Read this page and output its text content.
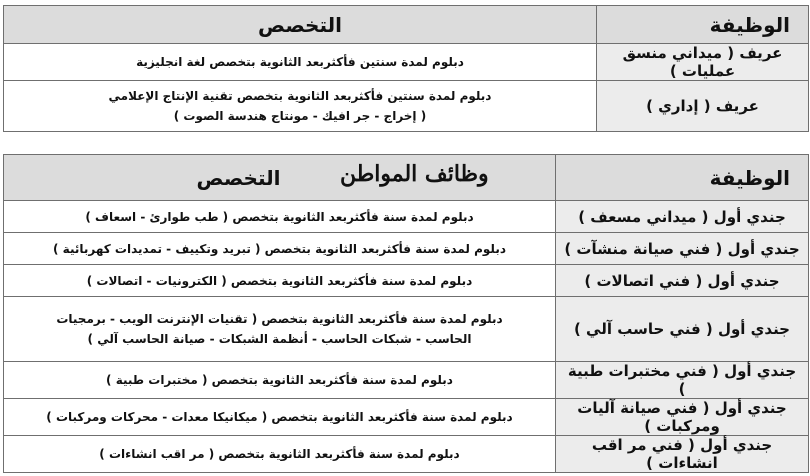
الوظيفة	التخصص
عريف ( ميداني منسق عمليات )	دبلوم لمدة سنتين فأكثربعد الثانوية بتخصص لغة انجليزية

عريف ( إداري )	دبلوم لمدة سنتين فأكثربعد الثانوية بتخصص تقنية الإنتاج الإعلامي
( إخراج - جر افيك - مونتاج هندسة الصوت )
الوظيفة	التخصص
جندي أول ( ميداني مسعف )	دبلوم لمدة سنة فأكثربعد الثانوية بتخصص ( طب طوارئ - اسعاف )

جندي أول ( فني صيانة منشآت )	دبلوم لمدة سنة فأكثربعد الثانوية بتخصص ( تبريد وتكييف - تمديدات كهربائية )

جندي أول ( فني اتصالات )	دبلوم لمدة سنة فأكثربعد الثانوية بتخصص ( الكترونيات - اتصالات )

جندي أول ( فني حاسب آلي )	دبلوم لمدة سنة فأكثربعد الثانوية بتخصص ( تقنيات الإنترنت الويب - برمجيات
الحاسب - شبكات الحاسب - أنظمة الشبكات - صيانة الحاسب آلي )

جندي أول ( فني مختبرات طبية )	دبلوم لمدة سنة فأكثربعد الثانوية بتخصص ( مختبرات طبية )

جندي أول ( فني صيانة آليات ومركبات )	دبلوم لمدة سنة فأكثربعد الثانوية بتخصص ( ميكانيكا معدات - محركات ومركبات )

جندي أول ( فني مر اقب انشاءات )	دبلوم لمدة سنة فأكثربعد الثانوية بتخصص ( مر اقب انشاءات )
وظائف المواطن
